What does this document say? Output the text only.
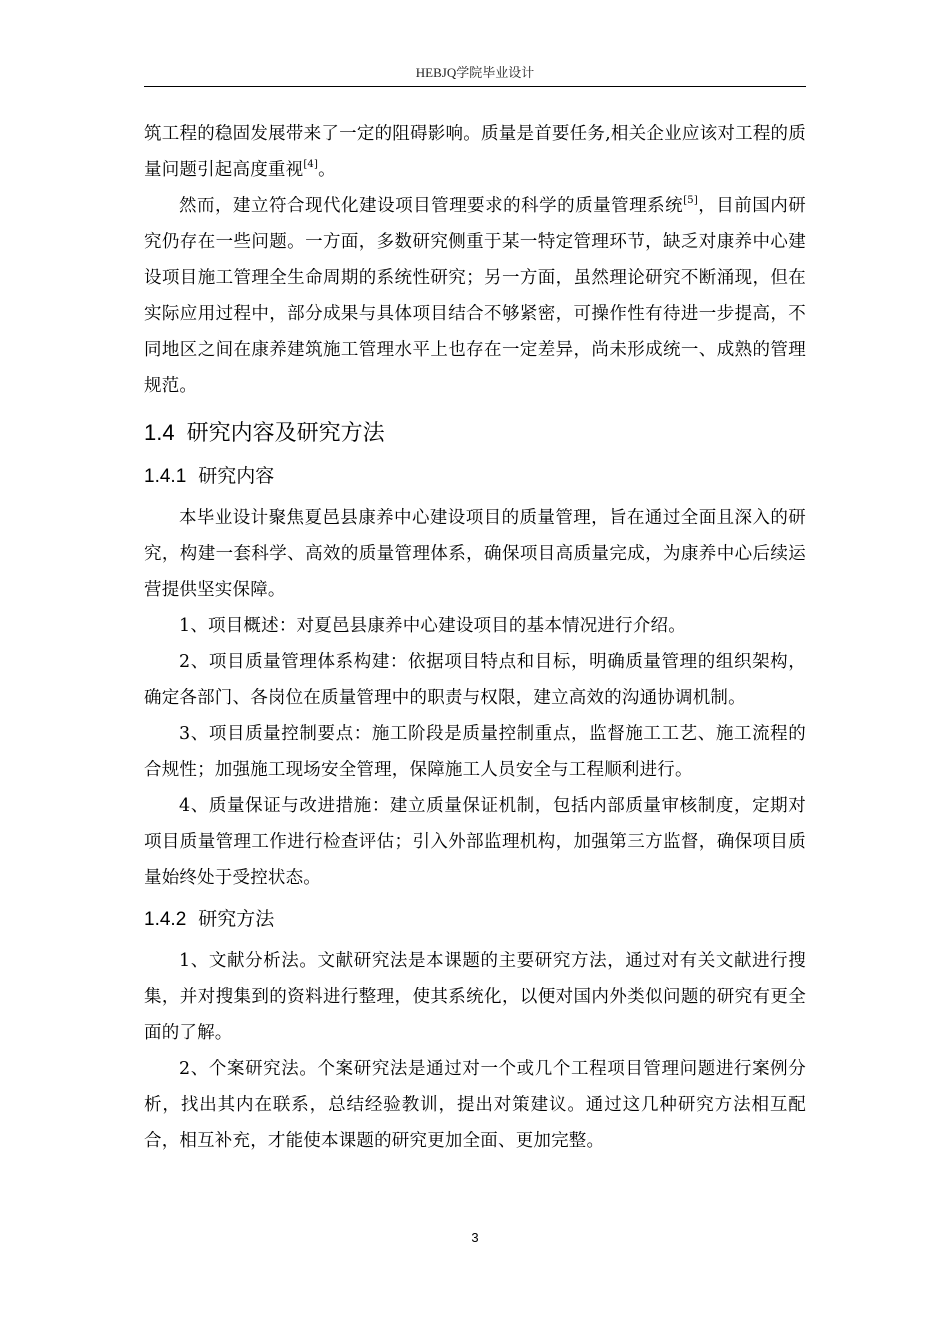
HEBJQ学院毕业设计

筑工程的稳固发展带来了一定的阻碍影响。质量是首要任务,相关企业应该对工程的质量问题引起高度重视[4]。

然而，建立符合现代化建设项目管理要求的科学的质量管理系统[5]，目前国内研究仍存在一些问题。一方面，多数研究侧重于某一特定管理环节，缺乏对康养中心建设项目施工管理全生命周期的系统性研究；另一方面，虽然理论研究不断涌现，但在实际应用过程中，部分成果与具体项目结合不够紧密，可操作性有待进一步提高，不同地区之间在康养建筑施工管理水平上也存在一定差异，尚未形成统一、成熟的管理规范。

1.4 研究内容及研究方法
1.4.1 研究内容

本毕业设计聚焦夏邑县康养中心建设项目的质量管理，旨在通过全面且深入的研究，构建一套科学、高效的质量管理体系，确保项目高质量完成，为康养中心后续运营提供坚实保障。

1、项目概述：对夏邑县康养中心建设项目的基本情况进行介绍。

2、项目质量管理体系构建：依据项目特点和目标，明确质量管理的组织架构，确定各部门、各岗位在质量管理中的职责与权限，建立高效的沟通协调机制。

3、项目质量控制要点：施工阶段是质量控制重点，监督施工工艺、施工流程的合规性；加强施工现场安全管理，保障施工人员安全与工程顺利进行。

4、质量保证与改进措施：建立质量保证机制，包括内部质量审核制度，定期对项目质量管理工作进行检查评估；引入外部监理机构，加强第三方监督，确保项目质量始终处于受控状态。

1.4.2 研究方法

1、文献分析法。文献研究法是本课题的主要研究方法，通过对有关文献进行搜集，并对搜集到的资料进行整理，使其系统化，以便对国内外类似问题的研究有更全面的了解。

2、个案研究法。个案研究法是通过对一个或几个工程项目管理问题进行案例分析，找出其内在联系，总结经验教训，提出对策建议。通过这几种研究方法相互配合，相互补充，才能使本课题的研究更加全面、更加完整。

3
